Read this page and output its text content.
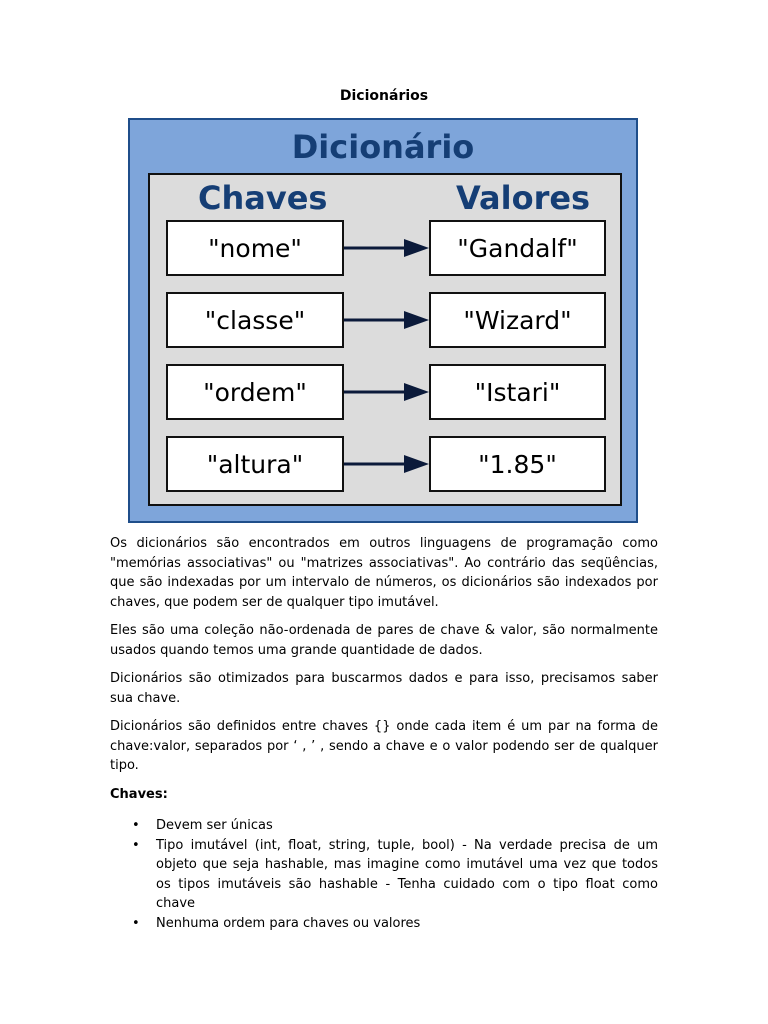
Dicionários
Dicionário
Chaves	Valores
"nome"	"Gandalf"
"classe"	"Wizard"
"ordem"	"Istari"
"altura"	"1.85"

Os dicionários são encontrados em outros linguagens de programação como "memórias associativas" ou "matrizes associativas". Ao contrário das seqüências, que são indexadas por um intervalo de números, os dicionários são indexados por chaves, que podem ser de qualquer tipo imutável.

Eles são uma coleção não-ordenada de pares de chave & valor, são normalmente usados quando temos uma grande quantidade de dados.

Dicionários são otimizados para buscarmos dados e para isso, precisamos saber sua chave.

Dicionários são definidos entre chaves {} onde cada item é um par na forma de chave:valor, separados por ‘ , ’ , sendo a chave e o valor podendo ser de qualquer tipo.

Chaves:
• Devem ser únicas
• Tipo imutável (int, float, string, tuple, bool) - Na verdade precisa de um objeto que seja hashable, mas imagine como imutável uma vez que todos os tipos imutáveis são hashable - Tenha cuidado com o tipo float como chave
• Nenhuma ordem para chaves ou valores
